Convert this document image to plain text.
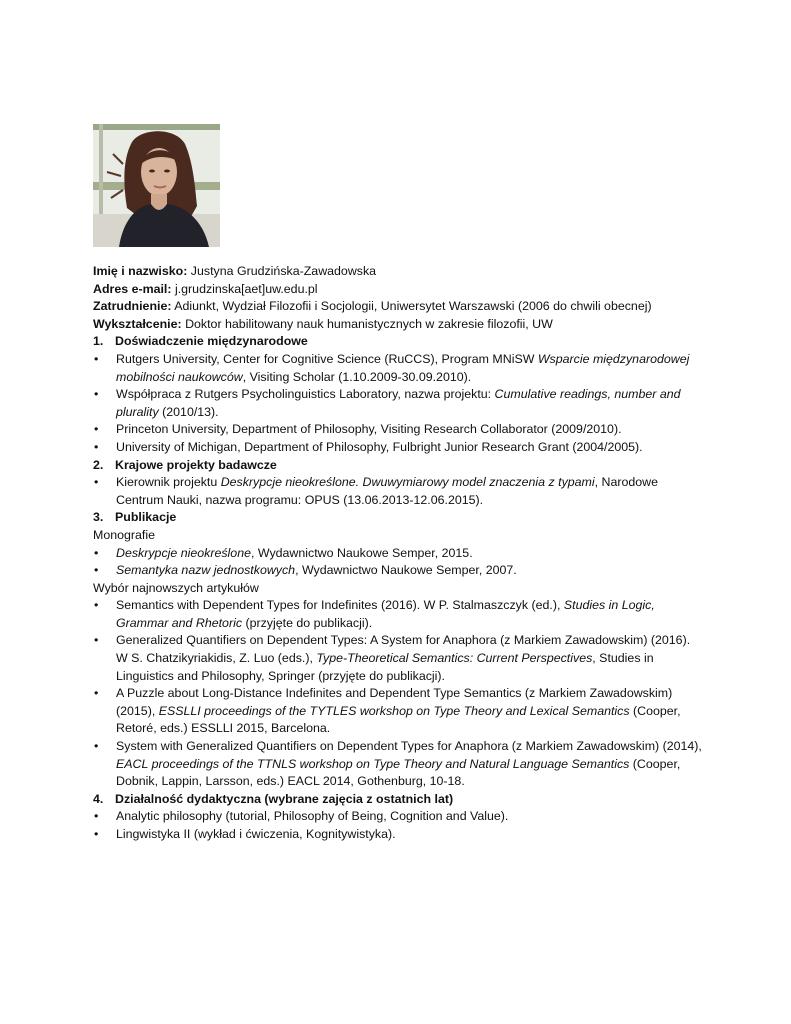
Imię i nazwisko: Justyna Grudzińska-Zawadowska

Adres e-mail: j.grudzinska[aet]uw.edu.pl

Zatrudnienie: Adiunkt, Wydział Filozofii i Socjologii, Uniwersytet Warszawski (2006 do chwili obecnej)

Wykształcenie: Doktor habilitowany nauk humanistycznych w zakresie filozofii, UW

1. Doświadczenie międzynarodowe

• Rutgers University, Center for Cognitive Science (RuCCS), Program MNiSW Wsparcie międzynarodowej mobilności naukowców, Visiting Scholar (1.10.2009-30.09.2010).
• Współpraca z Rutgers Psycholinguistics Laboratory, nazwa projektu: Cumulative readings, number and plurality (2010/13).
• Princeton University, Department of Philosophy, Visiting Research Collaborator (2009/2010).
• University of Michigan, Department of Philosophy, Fulbright Junior Research Grant (2004/2005).

2. Krajowe projekty badawcze

• Kierownik projektu Deskrypcje nieokreślone. Dwuwymiarowy model znaczenia z typami, Narodowe Centrum Nauki, nazwa programu: OPUS (13.06.2013-12.06.2015).

3. Publikacje

Monografie

• Deskrypcje nieokreślone, Wydawnictwo Naukowe Semper, 2015.
• Semantyka nazw jednostkowych, Wydawnictwo Naukowe Semper, 2007.

Wybór najnowszych artykułów

• Semantics with Dependent Types for Indefinites (2016). W P. Stalmaszczyk (ed.), Studies in Logic, Grammar and Rhetoric (przyjęte do publikacji).
• Generalized Quantifiers on Dependent Types: A System for Anaphora (z Markiem Zawadowskim) (2016). W S. Chatzikyriakidis, Z. Luo (eds.), Type-Theoretical Semantics: Current Perspectives, Studies in Linguistics and Philosophy, Springer (przyjęte do publikacji).
• A Puzzle about Long-Distance Indefinites and Dependent Type Semantics (z Markiem Zawadowskim) (2015), ESSLLI proceedings of the TYTLES workshop on Type Theory and Lexical Semantics (Cooper, Retoré, eds.) ESSLLI 2015, Barcelona.
• System with Generalized Quantifiers on Dependent Types for Anaphora (z Markiem Zawadowskim) (2014), EACL proceedings of the TTNLS workshop on Type Theory and Natural Language Semantics (Cooper, Dobnik, Lappin, Larsson, eds.) EACL 2014, Gothenburg, 10-18.

4. Działalność dydaktyczna (wybrane zajęcia z ostatnich lat)

• Analytic philosophy (tutorial, Philosophy of Being, Cognition and Value).
• Lingwistyka II (wykład i ćwiczenia, Kognitywistyka).
